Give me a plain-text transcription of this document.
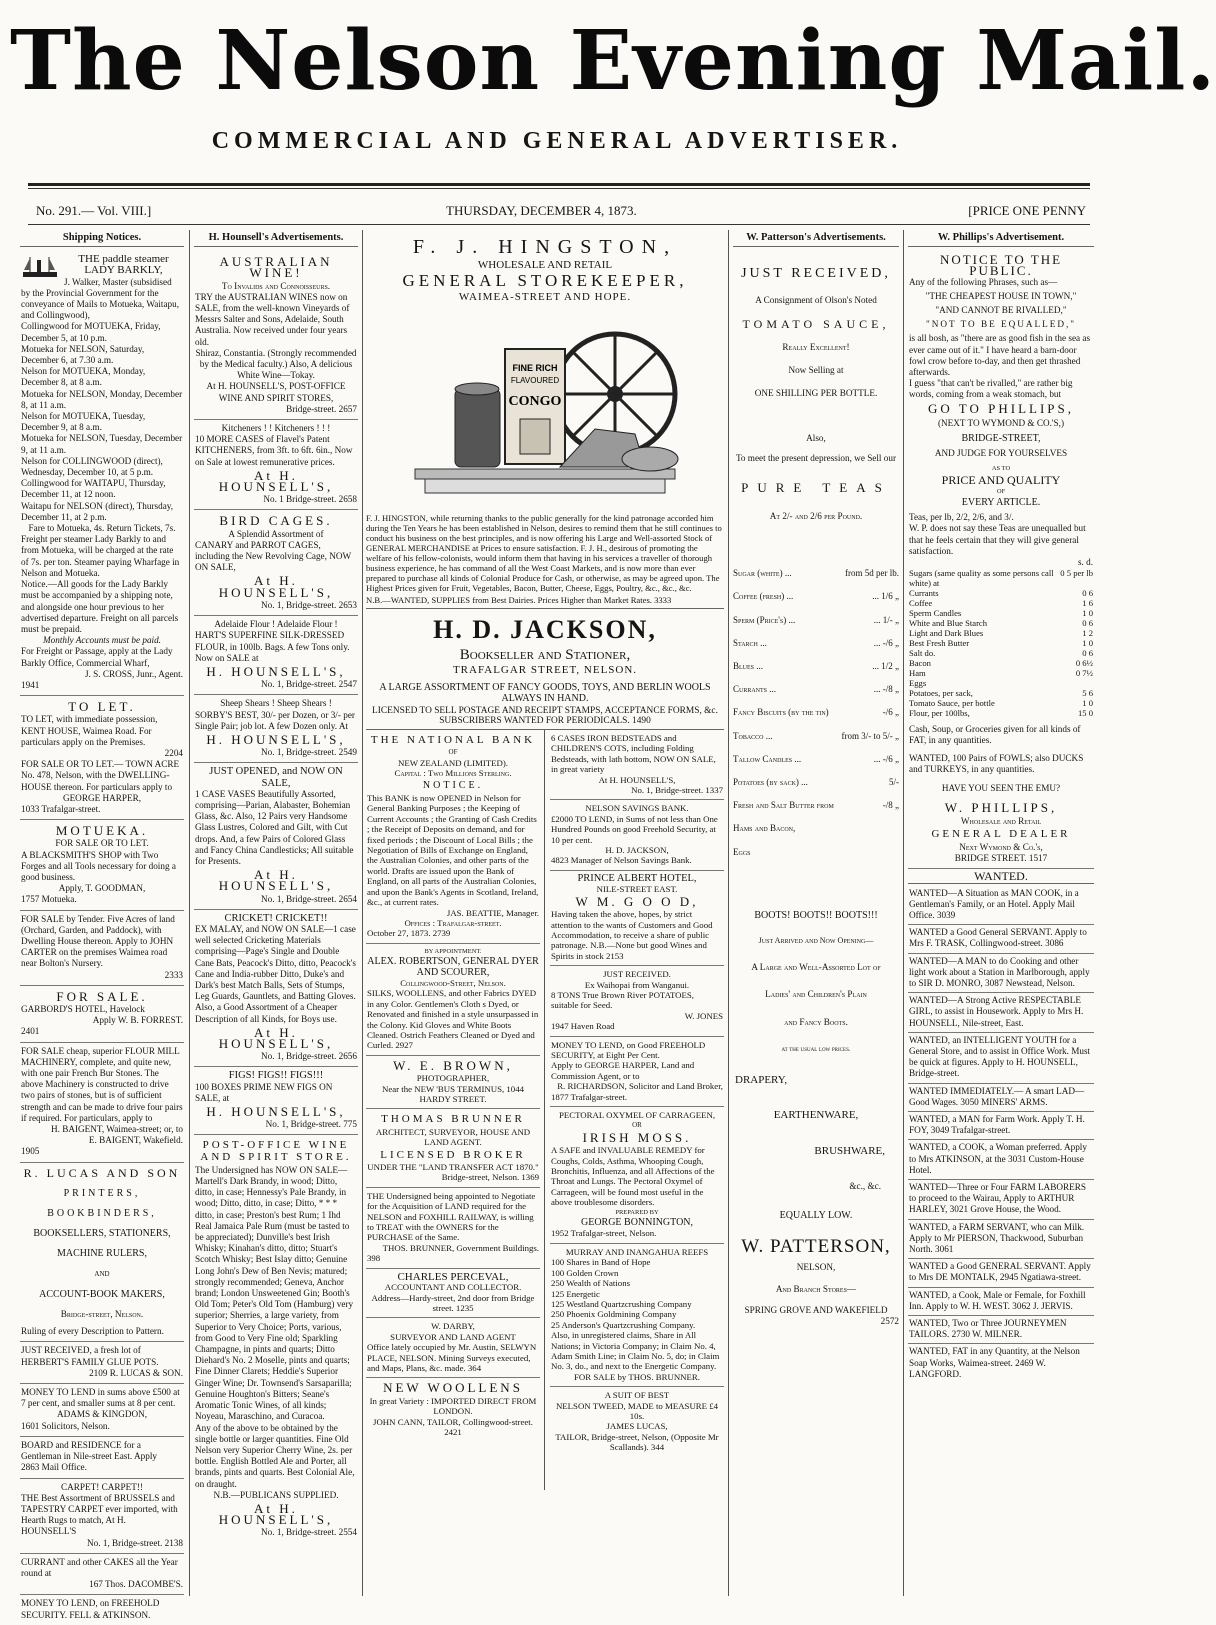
The Nelson Evening Mail.
COMMERCIAL AND GENERAL ADVERTISER.
No. 291.— Vol. VIII.]	THURSDAY, DECEMBER 4, 1873.	[PRICE ONE PENNY
Shipping Notices.

THE paddle steamer LADY BARKLY,

J. Walker, Master (subsidised by the Provincial Government for the conveyance of Mails to Motueka, Waitapu, and Collingwood),

Collingwood for MOTUEKA, Friday, December 5, at 10 p.m.

Motueka for NELSON, Saturday, December 6, at 7.30 a.m.

Nelson for MOTUEKA, Monday, December 8, at 8 a.m.

Motueka for NELSON, Monday, December 8, at 11 a.m.

Nelson for MOTUEKA, Tuesday, December 9, at 8 a.m.

Motueka for NELSON, Tuesday, December 9, at 11 a.m.

Nelson for COLLINGWOOD (direct), Wednesday, December 10, at 5 p.m.

Collingwood for WAITAPU, Thursday, December 11, at 12 noon.

Waitapu for NELSON (direct), Thursday, December 11, at 2 p.m.

Fare to Motueka, 4s. Return Tickets, 7s.

Freight per steamer Lady Barkly to and from Motueka, will be charged at the rate of 7s. per ton. Steamer paying Wharfage in Nelson and Motueka.

Notice.—All goods for the Lady Barkly must be accompanied by a shipping note, and alongside one hour previous to her advertised departure. Freight on all parcels must be prepaid.

Monthly Accounts must be paid.

For Freight or Passage, apply at the Lady Barkly Office, Commercial Wharf,

J. S. CROSS, Junr., Agent.

1941

TO LET.

TO LET, with immediate possession, KENT HOUSE, Waimea Road. For particulars apply on the Premises.

2204

FOR SALE OR TO LET.— TOWN ACRE No. 478, Nelson, with the DWELLING-HOUSE thereon. For particulars apply to

GEORGE HARPER,

1033 Trafalgar-street.

MOTUEKA.

FOR SALE OR TO LET.

A BLACKSMITH'S SHOP with Two Forges and all Tools necessary for doing a good business.

Apply, T. GOODMAN,

1757 Motueka.

FOR SALE by Tender. Five Acres of land (Orchard, Garden, and Paddock), with Dwelling House thereon. Apply to JOHN CARTER on the premises Waimea road near Bolton's Nursery.

2333

FOR SALE.

GARBORD'S HOTEL, Havelock

Apply W. B. FORREST.

2401

FOR SALE cheap, superior FLOUR MILL MACHINERY, complete, and quite new, with one pair French Bur Stones. The above Machinery is constructed to drive two pairs of stones, but is of sufficient strength and can be made to drive four pairs if required. For particulars, apply to

H. BAIGENT, Waimea-street; or, to

E. BAIGENT, Wakefield.

1905

R. LUCAS AND SON

PRINTERS,

BOOKBINDERS,

BOOKSELLERS, STATIONERS,

MACHINE RULERS,

AND

ACCOUNT-BOOK MAKERS,

Bridge-street, Nelson.

Ruling of every Description to Pattern.

JUST RECEIVED, a fresh lot of HERBERT'S FAMILY GLUE POTS.

2109 R. LUCAS & SON.

MONEY TO LEND in sums above £500 at 7 per cent, and smaller sums at 8 per cent.

ADAMS & KINGDON,

1601 Solicitors, Nelson.

BOARD and RESIDENCE for a Gentleman in Nile-street East. Apply

2863 Mail Office.

CARPET! CARPET!!

THE Best Assortment of BRUSSELS and TAPESTRY CARPET ever imported, with Hearth Rugs to match, At H. HOUNSELL'S

No. 1, Bridge-street. 2138

CURRANT and other CAKES all the Year round at

167 Thos. DACOMBE'S.

MONEY TO LEND, on FREEHOLD SECURITY. FELL & ATKINSON.

H. Hounsell's Advertisements.

AUSTRALIAN WINE!

To Invalids and Connoisseurs.

TRY the AUSTRALIAN WINES now on SALE, from the well-known Vineyards of Messrs Salter and Sons, Adelaide, South Australia. Now received under four years old.

Shiraz, Constantia. (Strongly recommended by the Medical faculty.) Also, A delicious White Wine—Tokay.

At H. HOUNSELL'S, POST-OFFICE WINE AND SPIRIT STORES,

Bridge-street. 2657

Kitcheners ! ! Kitcheners ! ! !

10 MORE CASES of Flavel's Patent KITCHENERS, from 3ft. to 6ft. 6in., Now on Sale at lowest remunerative prices.

At H. HOUNSELL'S,

No. 1 Bridge-street. 2658

BIRD CAGES.

A Splendid Assortment of

CANARY and PARROT CAGES, including the New Revolving Cage, NOW ON SALE,

At H. HOUNSELL'S,

No. 1, Bridge-street. 2653

Adelaide Flour ! Adelaide Flour !

HART'S SUPERFINE SILK-DRESSED FLOUR, in 100lb. Bags. A few Tons only. Now on SALE at

H. HOUNSELL'S,

No. 1, Bridge-street. 2547

Sheep Shears ! Sheep Shears !

SORBY'S BEST, 30/- per Dozen, or 3/- per Single Pair; job lot. A few Dozen only. At

H. HOUNSELL'S,

No. 1, Bridge-street. 2549

JUST OPENED, and NOW ON SALE,

1 CASE VASES Beautifully Assorted, comprising—Parian, Alabaster, Bohemian Glass, &c. Also, 12 Pairs very Handsome Glass Lustres, Colored and Gilt, with Cut drops. And, a few Pairs of Colored Glass and Fancy China Candlesticks; All suitable for Presents.

At H. HOUNSELL'S,

No. 1, Bridge-street. 2654

CRICKET! CRICKET!!

EX MALAY, and NOW ON SALE—1 case well selected Cricketing Materials comprising—Page's Single and Double Cane Bats, Peacock's Ditto, ditto, Peacock's Cane and India-rubber Ditto, Duke's and Dark's best Match Balls, Sets of Stumps, Leg Guards, Gauntlets, and Batting Gloves. Also, a Good Assortment of a Cheaper Description of all Kinds, for Boys use.

At H. HOUNSELL'S,

No. 1, Bridge-street. 2656

FIGS! FIGS!! FIGS!!!

100 BOXES PRIME NEW FIGS ON SALE, at

H. HOUNSELL'S,

No. 1, Bridge-street. 775

POST-OFFICE WINE AND SPIRIT STORE.

The Undersigned has NOW ON SALE— Martell's Dark Brandy, in wood; Ditto, ditto, in case; Hennessy's Pale Brandy, in wood; Ditto, ditto, in case; Ditto, * * * ditto, in case; Preston's best Rum; 1 Ihd Real Jamaica Pale Rum (must be tasted to be appreciated); Dunville's best Irish Whisky; Kinahan's ditto, ditto; Stuart's Scotch Whisky; Best Islay ditto; Genuine Long John's Dew of Ben Nevis; matured; strongly recommended; Geneva, Anchor brand; London Unsweetened Gin; Booth's Old Tom; Peter's Old Tom (Hamburg) very superior; Sherries, a large variety, from Superior to Very Choice; Ports, various, from Good to Very Fine old; Sparkling Champagne, in pints and quarts; Ditto Diehard's No. 2 Moselle, pints and quarts; Fine Dinner Clarets; Heddie's Superior Ginger Wine; Dr. Townsend's Sarsaparilla; Genuine Houghton's Bitters; Seane's Aromatic Tonic Wines, of all kinds; Noyeau, Maraschino, and Curacoa.

Any of the above to be obtained by the single bottle or larger quantities. Fine Old Nelson very Superior Cherry Wine, 2s. per bottle. English Bottled Ale and Porter, all brands, pints and quarts. Best Colonial Ale, on draught.

N.B.—PUBLICANS SUPPLIED.

At H. HOUNSELL'S,

No. 1, Bridge-street. 2554

F. J. HINGSTON,
WHOLESALE AND RETAIL
GENERAL STOREKEEPER,
WAIMEA-STREET AND HOPE.
FINE RICH
FLAVOURED
CONGO

F. J. HINGSTON, while returning thanks to the public generally for the kind patronage accorded him during the Ten Years he has been established in Nelson, desires to remind them that he still continues to conduct his business on the best principles, and is now offering his Large and Well-assorted Stock of GENERAL MERCHANDISE at Prices to ensure satisfaction. F. J. H., desirous of promoting the welfare of his fellow-colonists, would inform them that having in his services a traveller of thorough business experience, he has command of all the West Coast Markets, and is now more than ever prepared to purchase all kinds of Colonial Produce for Cash, or otherwise, as may be agreed upon. The Highest Prices given for Fruit, Vegetables, Bacon, Butter, Cheese, Eggs, Poultry, &c., &c., &c.

N.B.—WANTED, SUPPLIES from Best Dairies. Prices Higher than Market Rates. 3333

H. D. JACKSON,
Bookseller and Stationer,
TRAFALGAR STREET, NELSON.

A LARGE ASSORTMENT OF FANCY GOODS, TOYS, AND BERLIN WOOLS ALWAYS IN HAND.

LICENSED TO SELL POSTAGE AND RECEIPT STAMPS, ACCEPTANCE FORMS, &c. SUBSCRIBERS WANTED FOR PERIODICALS. 1490

THE NATIONAL BANK

OF

NEW ZEALAND (LIMITED).

Capital : Two Millions Sterling.

NOTICE.

This BANK is now OPENED in Nelson for General Banking Purposes ; the Keeping of Current Accounts ; the Granting of Cash Credits ; the Receipt of Deposits on demand, and for fixed periods ; the Discount of Local Bills ; the Negotiation of Bills of Exchange on England, the Australian Colonies, and other parts of the world. Drafts are issued upon the Bank of England, on all parts of the Australian Colonies, and upon the Bank's Agents in Scotland, Ireland, &c., at current rates.

JAS. BEATTIE, Manager.

Offices : Trafalgar-street.

October 27, 1873. 2739

BY APPOINTMENT.

ALEX. ROBERTSON, GENERAL DYER AND SCOURER,

Collingwood-Street, Nelson.

SILKS, WOOLLENS, and other Fabrics DYED in any Color. Gentlemen's Cloth s Dyed, or Renovated and finished in a style unsurpassed in the Colony. Kid Gloves and White Boots Cleaned. Ostrich Feathers Cleaned or Dyed and Curled. 2927

W. E. BROWN,

PHOTOGRAPHER,

Near the NEW 'BUS TERMINUS, 1044 HARDY STREET.

THOMAS BRUNNER

ARCHITECT, SURVEYOR, HOUSE AND LAND AGENT.

LICENSED BROKER

UNDER THE "LAND TRANSFER ACT 1870."

Bridge-street, Nelson. 1369

THE Undersigned being appointed to Negotiate for the Acquisition of LAND required for the NELSON and FOXHILL RAILWAY, is willing to TREAT with the OWNERS for the PURCHASE of the Same.

THOS. BRUNNER, Government Buildings.

398

CHARLES PERCEVAL,

ACCOUNTANT AND COLLECTOR.

Address—Hardy-street, 2nd door from Bridge street. 1235

W. DARBY,

SURVEYOR AND LAND AGENT

Office lately occupied by Mr. Austin, SELWYN PLACE, NELSON. Mining Surveys executed, and Maps, Plans, &c. made. 364

NEW WOOLLENS

In great Variety : IMPORTED DIRECT FROM LONDON.

JOHN CANN, TAILOR, Collingwood-street. 2421

6 CASES IRON BEDSTEADS and CHILDREN'S COTS, including Folding Bedsteads, with lath bottom, NOW ON SALE, in great variety

At H. HOUNSELL'S,

No. 1, Bridge-street. 1337

NELSON SAVINGS BANK.

£2000 TO LEND, in Sums of not less than One Hundred Pounds on good Freehold Security, at 10 per cent.

H. D. JACKSON,

4823 Manager of Nelson Savings Bank.

PRINCE ALBERT HOTEL,

NILE-STREET EAST.

W M. G O O D,

Having taken the above, hopes, by strict attention to the wants of Customers and Good Accommodation, to receive a share of public patronage. N.B.—None but good Wines and Spirits in stock 2153

JUST RECEIVED.

Ex Waihopai from Wanganui.

8 TONS True Brown River POTATOES, suitable for Seed.

W. JONES

1947 Haven Road

MONEY TO LEND, on Good FREEHOLD SECURITY, at Eight Per Cent.

Apply to GEORGE HARPER, Land and Commission Agent, or to

R. RICHARDSON, Solicitor and Land Broker,

1877 Trafalgar-street.

PECTORAL OXYMEL OF CARRAGEEN,

OR

IRISH MOSS.

A SAFE and INVALUABLE REMEDY for Coughs, Colds, Asthma, Whooping Cough, Bronchitis, Influenza, and all Affections of the Throat and Lungs. The Pectoral Oxymel of Carrageen, will be found most useful in the above troublesome disorders.

PREPARED BY

GEORGE BONNINGTON,

1952 Trafalgar-street, Nelson.

MURRAY AND INANGAHUA REEFS

100 Shares in Band of Hope

100 Golden Crown

250 Wealth of Nations

125 Energetic

125 Westland Quartzcrushing Company

250 Phoenix Goldmining Company

25 Anderson's Quartzcrushing Company.

Also, in unregistered claims, Share in All Nations; in Victoria Company; in Claim No. 4, Adam Smith Line; in Claim No. 5, do; in Claim No. 3, do., and next to the Energetic Company.

FOR SALE by THOS. BRUNNER.

A SUIT OF BEST

NELSON TWEED, MADE to MEASURE £4 10s.

JAMES LUCAS,

TAILOR, Bridge-street, Nelson, (Opposite Mr Scallands). 344

W. Patterson's Advertisements.

JUST RECEIVED,

A Consignment of Olson's Noted

TOMATO SAUCE,

Really Excellent!

Now Selling at

ONE SHILLING PER BOTTLE.

Also,

To meet the present depression, we Sell our

PURE TEAS

At 2/- and 2/6 per Pound.

Sugar (white) ...	from 5d per lb.
Coffee (fresh) ...	... 1/6 „
Sperm (Price's) ...	... 1/- „
Starch ...	... -/6 „
Blues ...	... 1/2 „
Currants ...	... -/8 „
Fancy Biscuits (by the tin)	-/6 „
Tobacco ...	from 3/- to 5/- „
Tallow Candles ...	... -/6 „
Potatoes (by sack) ...	5/-
Fresh and Salt Butter from	-/8 „
Hams and Bacon,
Eggs

BOOTS! BOOTS!! BOOTS!!!

Just Arrived and Now Opening—

A Large and Well-Assorted Lot of

Ladies' and Children's Plain

and Fancy Boots.

at the usual low prices.

DRAPERY,

EARTHENWARE,

BRUSHWARE,

&c., &c.

EQUALLY LOW.

W. PATTERSON,

NELSON,

And Branch Stores—

SPRING GROVE AND WAKEFIELD

2572

W. Phillips's Advertisement.

NOTICE TO THE PUBLIC.

Any of the following Phrases, such as—

"THE CHEAPEST HOUSE IN TOWN,"

"AND CANNOT BE RIVALLED,"

"NOT TO BE EQUALLED,"

is all bosh, as "there are as good fish in the sea as ever came out of it." I have heard a barn-door fowl crow before to-day, and then get thrashed afterwards.

I guess "that can't be rivalled," are rather big words, coming from a weak stomach, but

GO TO PHILLIPS,

(NEXT TO WYMOND & CO.'S,)

BRIDGE-STREET,

AND JUDGE FOR YOURSELVES

AS TO

PRICE AND QUALITY

OF

EVERY ARTICLE.

Teas, per lb, 2/2, 2/6, and 3/.

W. P. does not say these Teas are unequalled but that he feels certain that they will give general satisfaction.

s. d.

Sugars (same quality as some persons call white) at
0 5 per lb
Currants	0 6
Coffee	1 6
Sperm Candles	1 0
White and Blue Starch	0 6
Light and Dark Blues	1 2
Best Fresh Butter	1 0
Salt do.	0 6
Bacon	0 6½
Ham	0 7½
Eggs
Potatoes, per sack,	5 6
Tomato Sauce, per bottle	1 0
Flour, per 100lbs,	15 0

Cash, Soup, or Groceries given for all kinds of FAT, in any quantities.

WANTED, 100 Pairs of FOWLS; also DUCKS and TURKEYS, in any quantities.

HAVE YOU SEEN THE EMU?

W. PHILLIPS,

Wholesale and Retail

GENERAL DEALER

Next Wymond & Co.'s,

BRIDGE STREET. 1517

WANTED.

WANTED—A Situation as MAN COOK, in a Gentleman's Family, or an Hotel. Apply Mail Office. 3039

WANTED a Good General SERVANT. Apply to Mrs F. TRASK, Collingwood-street. 3086

WANTED—A MAN to do Cooking and other light work about a Station in Marlborough, apply to SIR D. MONRO, 3087 Newstead, Nelson.

WANTED—A Strong Active RESPECTABLE GIRL, to assist in Housework. Apply to Mrs H. HOUNSELL, Nile-street, East.

WANTED, an INTELLIGENT YOUTH for a General Store, and to assist in Office Work. Must be quick at figures. Apply to H. HOUNSELL, Bridge-street.

WANTED IMMEDIATELY.— A smart LAD—Good Wages. 3050 MINERS' ARMS.

WANTED, a MAN for Farm Work. Apply T. H. FOY, 3049 Trafalgar-street.

WANTED, a COOK, a Woman preferred. Apply to Mrs ATKINSON, at the 3031 Custom-House Hotel.

WANTED—Three or Four FARM LABORERS to proceed to the Wairau, Apply to ARTHUR HARLEY, 3021 Grove House, the Wood.

WANTED, a FARM SERVANT, who can Milk. Apply to Mr PIERSON, Thackwood, Suburban North. 3061

WANTED a Good GENERAL SERVANT. Apply to Mrs DE MONTALK, 2945 Ngatiawa-street.

WANTED, a Cook, Male or Female, for Foxhill Inn. Apply to W. H. WEST. 3062 J. JERVIS.

WANTED, Two or Three JOURNEYMEN TAILORS. 2730 W. MILNER.

WANTED, FAT in any Quantity, at the Nelson Soap Works, Waimea-street. 2469 W. LANGFORD.
